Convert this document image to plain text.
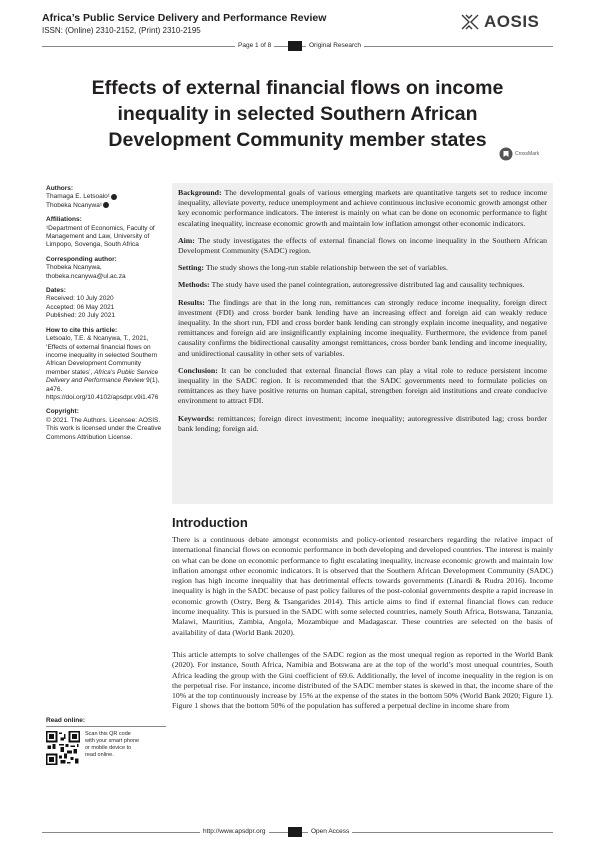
Africa’s Public Service Delivery and Performance Review
ISSN: (Online) 2310-2152, (Print) 2310-2195	AOSIS
Page 1 of 8	Original Research
Effects of external financial flows on income inequality in selected Southern African Development Community member states
CrossMark
Authors:
Thamaga E. Letsoalo¹
Thobeka Ncanywa¹
Affiliations:
¹Department of Economics, Faculty of Management and Law, University of Limpopo, Sovenga, South Africa
Corresponding author:
Thobeka Ncanywa,
thobeka.ncanywa@ul.ac.za
Dates:
Received: 10 July 2020
Accepted: 06 May 2021
Published: 20 July 2021
How to cite this article:
Letsoalo, T.E. & Ncanywa, T., 2021, ‘Effects of external financial flows on income inequality in selected Southern African Development Community member states’, Africa’s Public Service Delivery and Performance Review 9(1), a476. https://doi.org/10.4102/apsdpr.v9i1.476
Copyright:
© 2021. The Authors. Licensee: AOSIS. This work is licensed under the Creative Commons Attribution License.
Read online:
Scan this QR code with your smart phone or mobile device to read online.

Background: The developmental goals of various emerging markets are quantitative targets set to reduce income inequality, alleviate poverty, reduce unemployment and achieve continuous inclusive economic growth amongst other key economic performance indicators. The interest is mainly on what can be done on economic performance to fight escalating inequality, increase economic growth and maintain low inflation amongst other economic indicators.

Aim: The study investigates the effects of external financial flows on income inequality in the Southern African Development Community (SADC) region.

Setting: The study shows the long-run stable relationship between the set of variables.

Methods: The study have used the panel cointegration, autoregressive distributed lag and causality techniques.

Results: The findings are that in the long run, remittances can strongly reduce income inequality, foreign direct investment (FDI) and cross border bank lending have an increasing effect and foreign aid can weakly reduce inequality. In the short run, FDI and cross border bank lending can strongly explain income inequality, and negative remittances and foreign aid are insignificantly explaining income inequality. Furthermore, the evidence from panel causality confirms the bidirectional causality amongst remittances, cross border bank lending and income inequality, and unidirectional causality in other sets of variables.

Conclusion: It can be concluded that external financial flows can play a vital role to reduce persistent income inequality in the SADC region. It is recommended that the SADC governments need to formulate policies on remittances as they have positive returns on human capital, strengthen foreign aid institutions and create conducive environment to attract FDI.

Keywords: remittances; foreign direct investment; income inequality; autoregressive distributed lag; cross border bank lending; foreign aid.

Introduction

There is a continuous debate amongst economists and policy-oriented researchers regarding the relative impact of international financial flows on economic performance in both developing and developed countries. The interest is mainly on what can be done on economic performance to fight escalating inequality, increase economic growth and maintain low inflation amongst other economic indicators. It is observed that the Southern African Development Community (SADC) region has high income inequality that has detrimental effects towards governments (Linardi & Rudra 2016). Income inequality is high in the SADC because of past policy failures of the post-colonial governments despite a rapid increase in economic growth (Ostry, Berg & Tsangarides 2014). This article aims to find if external financial flows can reduce income inequality. This is pursued in the SADC with some selected countries, namely South Africa, Botswana, Tanzania, Malawi, Mauritius, Zambia, Angola, Mozambique and Madagascar. These countries are selected on the basis of availability of data (World Bank 2020).

This article attempts to solve challenges of the SADC region as the most unequal region as reported in the World Bank (2020). For instance, South Africa, Namibia and Botswana are at the top of the world’s most unequal countries, South Africa leading the group with the Gini coefficient of 69.6. Additionally, the level of income inequality in the region is on the perpetual rise. For instance, income distributed of the SADC member states is skewed in that, the income share of the 10% at the top continuously increase by 15% at the expense of the states in the bottom 50% (World Bank 2020; Figure 1). Figure 1 shows that the bottom 50% of the population has suffered a perpetual decline in income share from

http://www.apsdpr.org	Open Access
